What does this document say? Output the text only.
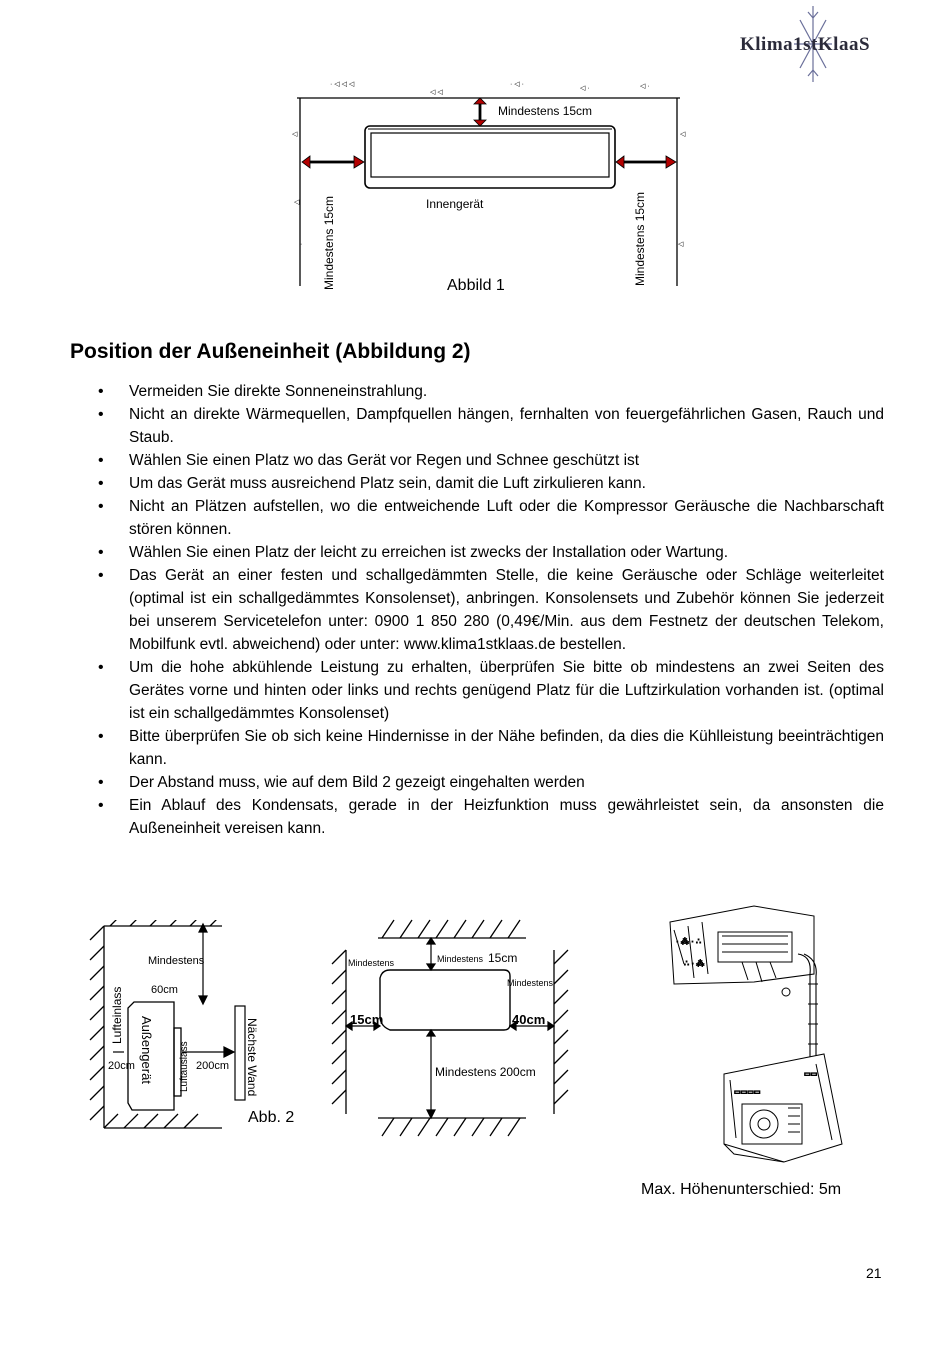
Klima1stKlaaS
· ◁ ◁ ◁
◁ ◁
· ◁ ·
◁ ·	◁ ·
◁
◁
·
◁
·
◁
Mindestens 15cm
Innengerät
Mindestens 15cm	Mindestens 15cm
Abbild 1
Position der Außeneinheit (Abbildung 2)
• Vermeiden Sie direkte Sonneneinstrahlung.
• Nicht an direkte Wärmequellen, Dampfquellen hängen, fernhalten von feuergefährlichen Gasen, Rauch und Staub.
• Wählen Sie einen Platz wo das Gerät vor Regen und Schnee geschützt ist
• Um das Gerät muss ausreichend Platz sein, damit die Luft zirkulieren kann.
• Nicht an Plätzen aufstellen, wo die entweichende Luft oder die Kompressor Geräusche die Nachbarschaft stören können.
• Wählen Sie einen Platz der leicht zu erreichen ist zwecks der Installation oder Wartung.
• Das Gerät an einer festen und schallgedämmten Stelle, die keine Geräusche oder Schläge weiterleitet (optimal ist ein schallgedämmtes Konsolenset), anbringen. Konsolensets und Zubehör können Sie jederzeit bei unserem Servicetelefon unter: 0900 1 850 280 (0,49€/Min. aus dem Festnetz der deutschen Telekom, Mobilfunk evtl. abweichend) oder unter: www.klima1stklaas.de bestellen.
• Um die hohe abkühlende Leistung zu erhalten, überprüfen Sie bitte ob mindestens an zwei Seiten des Gerätes vorne und hinten oder links und rechts genügend Platz für die Luftzirkulation vorhanden ist. (optimal ist ein schallgedämmtes Konsolenset)
• Bitte überprüfen Sie ob sich keine Hindernisse in der Nähe befinden, da dies die Kühlleistung beeinträchtigen kann.
• Der Abstand muss, wie auf dem Bild 2 gezeigt eingehalten werden
• Ein Ablauf des Kondensats, gerade in der Heizfunktion muss gewährleistet sein, da ansonsten die Außeneinheit vereisen kann.
Mindestens
60cm
Lufteinlass
20cm Außengerät	Luftauslass 200cm Nächste Wand
Abb. 2
Mindestens
15cm
Mindestens 15cm
Mindestens
40cm
Mindestens 200cm
· ⁂ · ∴
∴ · ⁂
▭▭▭▭
▭▭
Max. Höhenunterschied: 5m
21
